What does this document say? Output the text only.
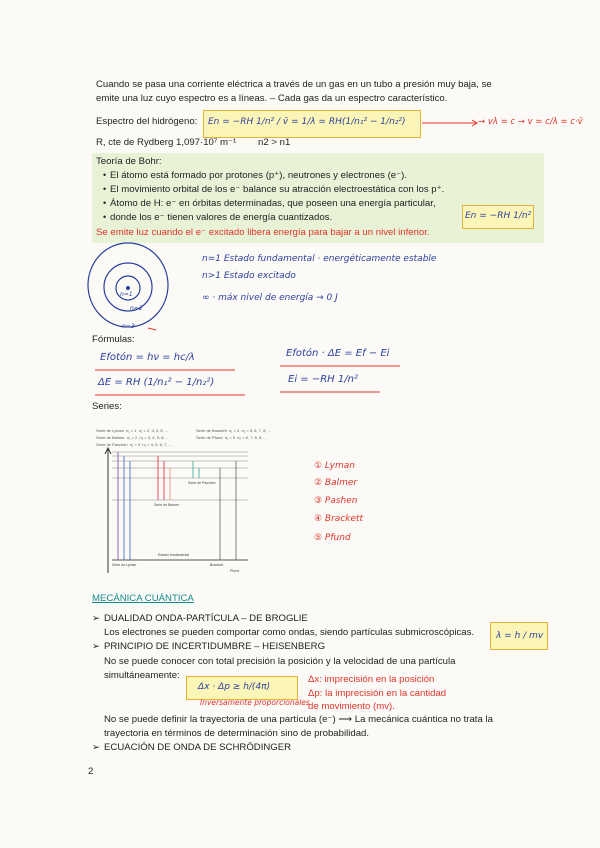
Cuando se pasa una corriente eléctrica a través de un gas en un tubo a presión muy baja, se
emite una luz cuyo espectro es a líneas. – Cada gas da un espectro característico.
Espectro del hidrógeno: En = −RH 1/n² / v̄ = 1/λ = RH(1/n₁² − 1/n₂²)	→ vλ = c → v = c/λ = c·v̄
R, cte de Rydberg 1,097·10⁷ m⁻¹ n2 > n1
Teoría de Bohr:
• El átomo está formado por protones (p⁺), neutrones y electrones (e⁻).
• El movimiento orbital de los e⁻ balance su atracción electroestática con los p⁺.
• Átomo de H: e⁻ en órbitas determinadas, que poseen una energía particular,
• donde los e⁻ tienen valores de energía cuantizados.	En = −RH 1/n²
Se emite luz cuando el e⁻ excitado libera energía para bajar a un nivel inferior.
n=1
n=2
n=3
n=1 Estado fundamental · energéticamente estable
n>1 Estado excitado
∞ · máx nivel de energía → 0 J
Fórmulas:
Efotón = hν = hc/λ
ΔE = RH (1/n₁² − 1/n₂²)
Efotón · ΔE = Ef − Ei
Ei = −RH 1/n²
Series:
Serie de Lyman n₁ = 1 n₂ = 2, 3, 4, 5, ...
Serie de Balmer n₁ = 2 n₂ = 3, 4, 5, 6, ...
Serie de Paschen n₁ = 3 n₂ = 4, 5, 6, 7, ...
Serie de Brackett n₁ = 4 n₂ = 5, 6, 7, 8, ...
Serie de Pfund n₁ = 5 n₂ = 6, 7, 8, 9, ...
Serie de Lyman
Serie de Balmer
Serie de Paschen
Brackett
Pfund
Estado fundamental
① Lyman
② Balmer
③ Pashen
④ Brackett
⑤ Pfund
MECÁNICA CUÁNTICA
➢ DUALIDAD ONDA-PARTÍCULA – DE BROGLIE
Los electrones se pueden comportar como ondas, siendo partículas submicroscópicas. λ = h / mv
➢ PRINCIPIO DE INCERTIDUMBRE – HEISENBERG
No se puede conocer con total precisión la posición y la velocidad de una partícula
simultáneamente:
Δx · Δp ≥ h/(4π)
Inversamente proporcionales
Δx: imprecisión en la posición
Δp: la imprecisión en la cantidad
de movimiento (mv).
No se puede definir la trayectoria de una partícula (e⁻) ⟶ La mecánica cuántica no trata la
trayectoria en términos de determinación sino de probabilidad.
➢ ECUACIÓN DE ONDA DE SCHRÖDINGER
2
